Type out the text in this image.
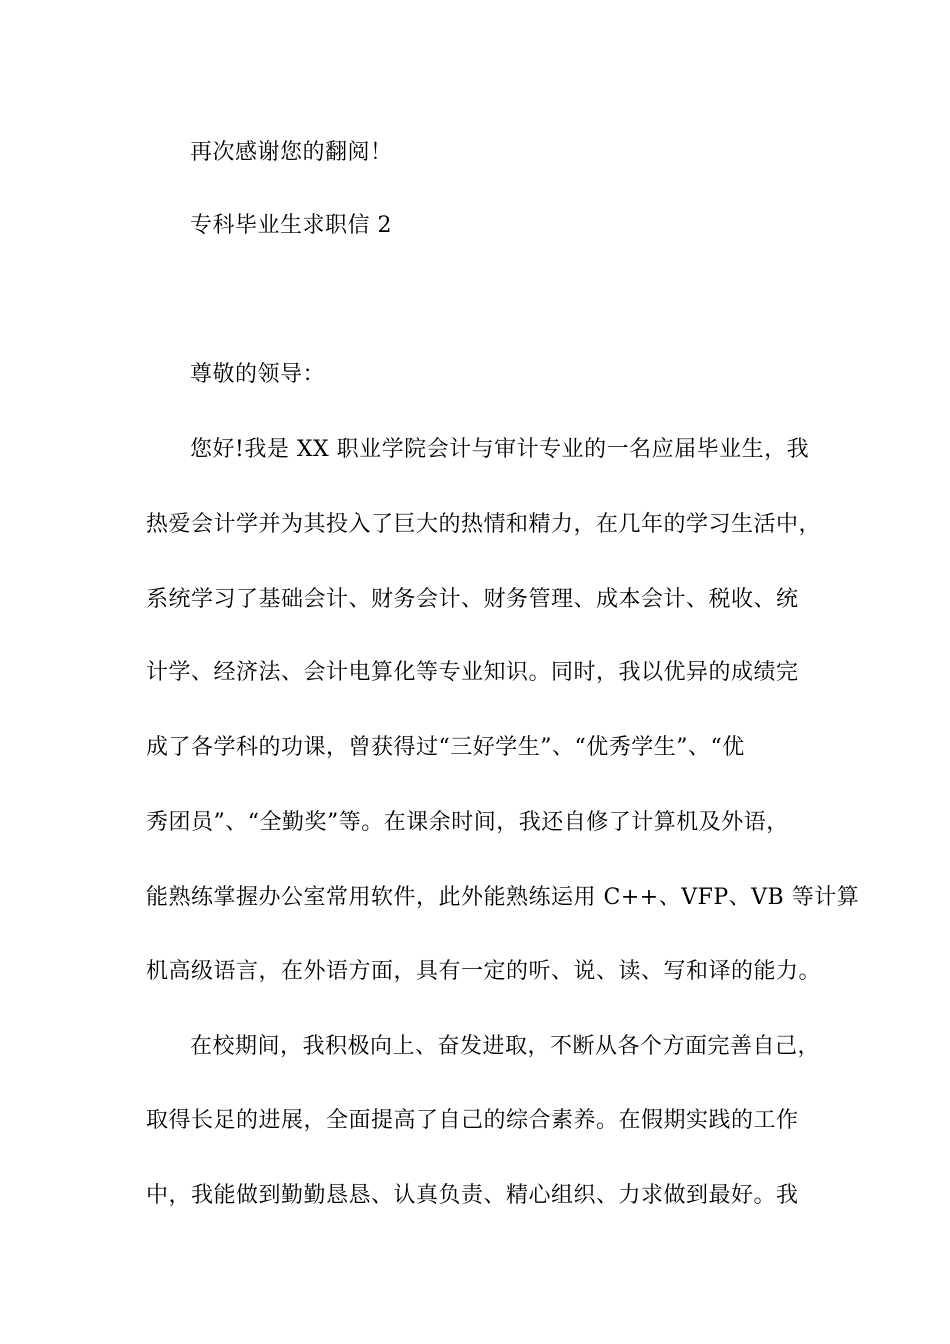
再次感谢您的翻阅！
专科毕业生求职信 2
尊敬的领导：
您好!我是 XX 职业学院会计与审计专业的一名应届毕业生，我
热爱会计学并为其投入了巨大的热情和精力，在几年的学习生活中，
系统学习了基础会计、财务会计、财务管理、成本会计、税收、统
计学、经济法、会计电算化等专业知识。同时，我以优异的成绩完
成了各学科的功课，曾获得过“三好学生”、“优秀学生”、“优
秀团员”、“全勤奖”等。在课余时间，我还自修了计算机及外语，
能熟练掌握办公室常用软件，此外能熟练运用 C++、VFP、VB 等计算
机高级语言，在外语方面，具有一定的听、说、读、写和译的能力。
在校期间，我积极向上、奋发进取，不断从各个方面完善自己，
取得长足的进展，全面提高了自己的综合素养。在假期实践的工作
中，我能做到勤勤恳恳、认真负责、精心组织、力求做到最好。我
